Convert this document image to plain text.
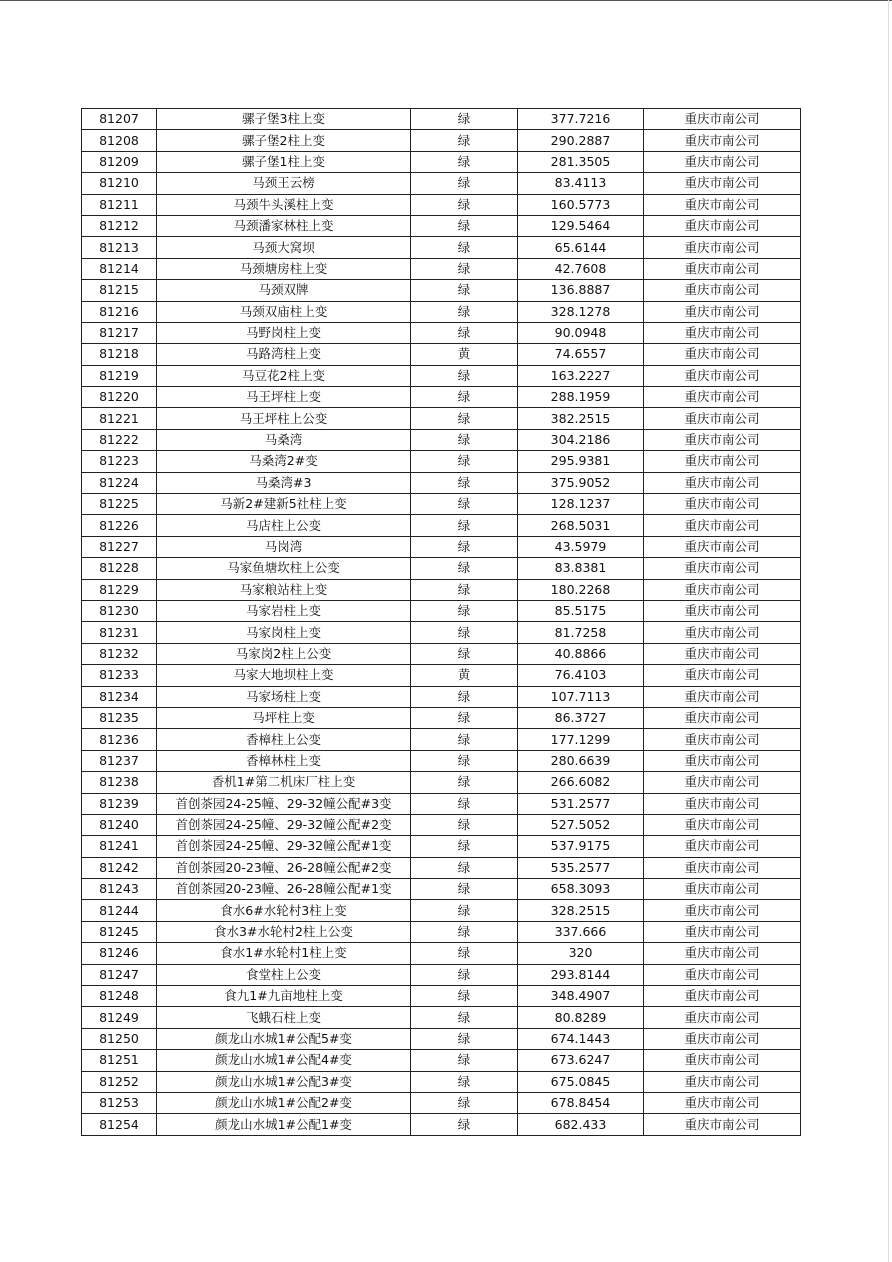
81207	骡子堡3柱上变	绿	377.7216	重庆市南公司
81208	骡子堡2柱上变	绿	290.2887	重庆市南公司
81209	骡子堡1柱上变	绿	281.3505	重庆市南公司
81210	马颈王云榜	绿	83.4113	重庆市南公司
81211	马颈牛头溪柱上变	绿	160.5773	重庆市南公司
81212	马颈潘家林柱上变	绿	129.5464	重庆市南公司
81213	马颈大窝坝	绿	65.6144	重庆市南公司
81214	马颈塘房柱上变	绿	42.7608	重庆市南公司
81215	马颈双牌	绿	136.8887	重庆市南公司
81216	马颈双庙柱上变	绿	328.1278	重庆市南公司
81217	马野岗柱上变	绿	90.0948	重庆市南公司
81218	马路湾柱上变	黄	74.6557	重庆市南公司
81219	马豆花2柱上变	绿	163.2227	重庆市南公司
81220	马王坪柱上变	绿	288.1959	重庆市南公司
81221	马王坪柱上公变	绿	382.2515	重庆市南公司
81222	马桑湾	绿	304.2186	重庆市南公司
81223	马桑湾2#变	绿	295.9381	重庆市南公司
81224	马桑湾#3	绿	375.9052	重庆市南公司
81225	马新2#建新5社柱上变	绿	128.1237	重庆市南公司
81226	马店柱上公变	绿	268.5031	重庆市南公司
81227	马岗湾	绿	43.5979	重庆市南公司
81228	马家鱼塘坎柱上公变	绿	83.8381	重庆市南公司
81229	马家粮站柱上变	绿	180.2268	重庆市南公司
81230	马家岩柱上变	绿	85.5175	重庆市南公司
81231	马家岗柱上变	绿	81.7258	重庆市南公司
81232	马家岗2柱上公变	绿	40.8866	重庆市南公司
81233	马家大地坝柱上变	黄	76.4103	重庆市南公司
81234	马家场柱上变	绿	107.7113	重庆市南公司
81235	马坪柱上变	绿	86.3727	重庆市南公司
81236	香樟柱上公变	绿	177.1299	重庆市南公司
81237	香樟林柱上变	绿	280.6639	重庆市南公司
81238	香机1#第二机床厂柱上变	绿	266.6082	重庆市南公司
81239	首创茶园24-25幢、29-32幢公配#3变	绿	531.2577	重庆市南公司
81240	首创茶园24-25幢、29-32幢公配#2变	绿	527.5052	重庆市南公司
81241	首创茶园24-25幢、29-32幢公配#1变	绿	537.9175	重庆市南公司
81242	首创茶园20-23幢、26-28幢公配#2变	绿	535.2577	重庆市南公司
81243	首创茶园20-23幢、26-28幢公配#1变	绿	658.3093	重庆市南公司
81244	食水6#水轮村3柱上变	绿	328.2515	重庆市南公司
81245	食水3#水轮村2柱上公变	绿	337.666	重庆市南公司
81246	食水1#水轮村1柱上变	绿	320	重庆市南公司
81247	食堂柱上公变	绿	293.8144	重庆市南公司
81248	食九1#九亩地柱上变	绿	348.4907	重庆市南公司
81249	飞蛾石柱上变	绿	80.8289	重庆市南公司
81250	颜龙山水城1#公配5#变	绿	674.1443	重庆市南公司
81251	颜龙山水城1#公配4#变	绿	673.6247	重庆市南公司
81252	颜龙山水城1#公配3#变	绿	675.0845	重庆市南公司
81253	颜龙山水城1#公配2#变	绿	678.8454	重庆市南公司
81254	颜龙山水城1#公配1#变	绿	682.433	重庆市南公司
